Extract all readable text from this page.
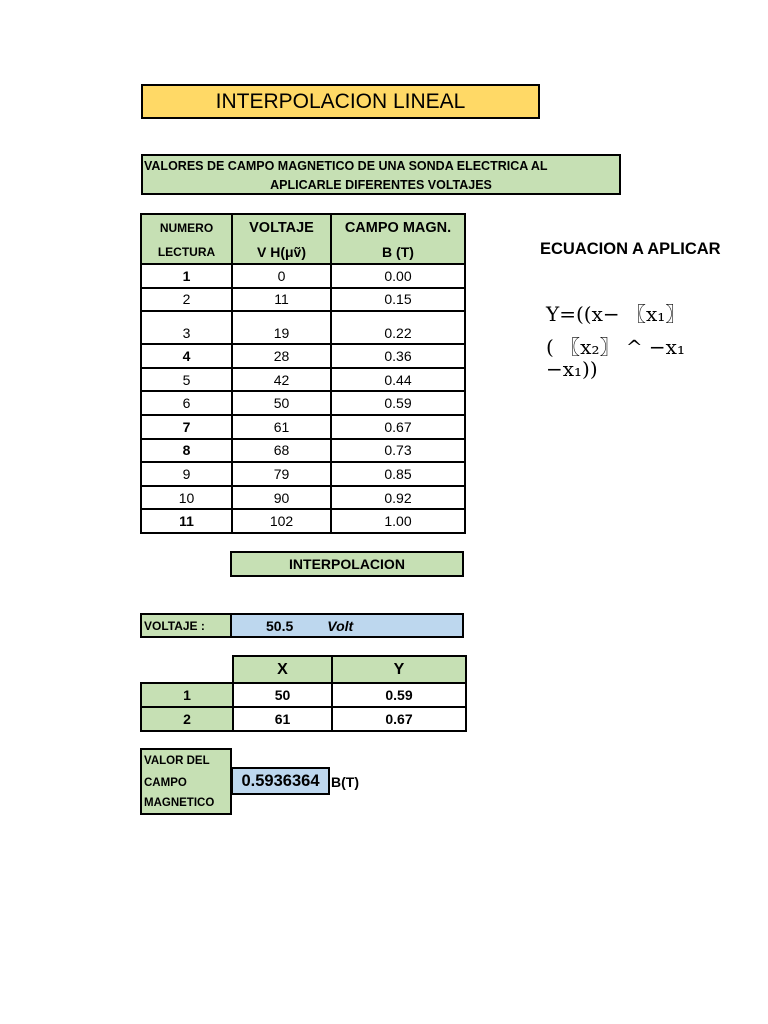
INTERPOLACION LINEAL
VALORES DE CAMPO MAGNETICO DE UNA SONDA ELECTRICA AL
APLICARLE DIFERENTES VOLTAJES
NUMERO	VOLTAJE	CAMPO MAGN.
LECTURA	V H(μṽ)	B (T)
1	0	0.00
2	11	0.15
3	19	0.22
4	28	0.36
5	42	0.44
6	50	0.59
7	61	0.67
8	68	0.73
9	79	0.85
10	90	0.92
11	102	1.00
INTERPOLACION
VOLTAJE :	50.5 Volt
	X	Y
1	50	0.59
2	61	0.67
VALOR DEL
CAMPO
MAGNETICO
0.5936364 B(T)
ECUACION A APLICAR
Y=((x− 〖x₁〗
( 〖x₂〗 ^ −x₁
−x₁))
